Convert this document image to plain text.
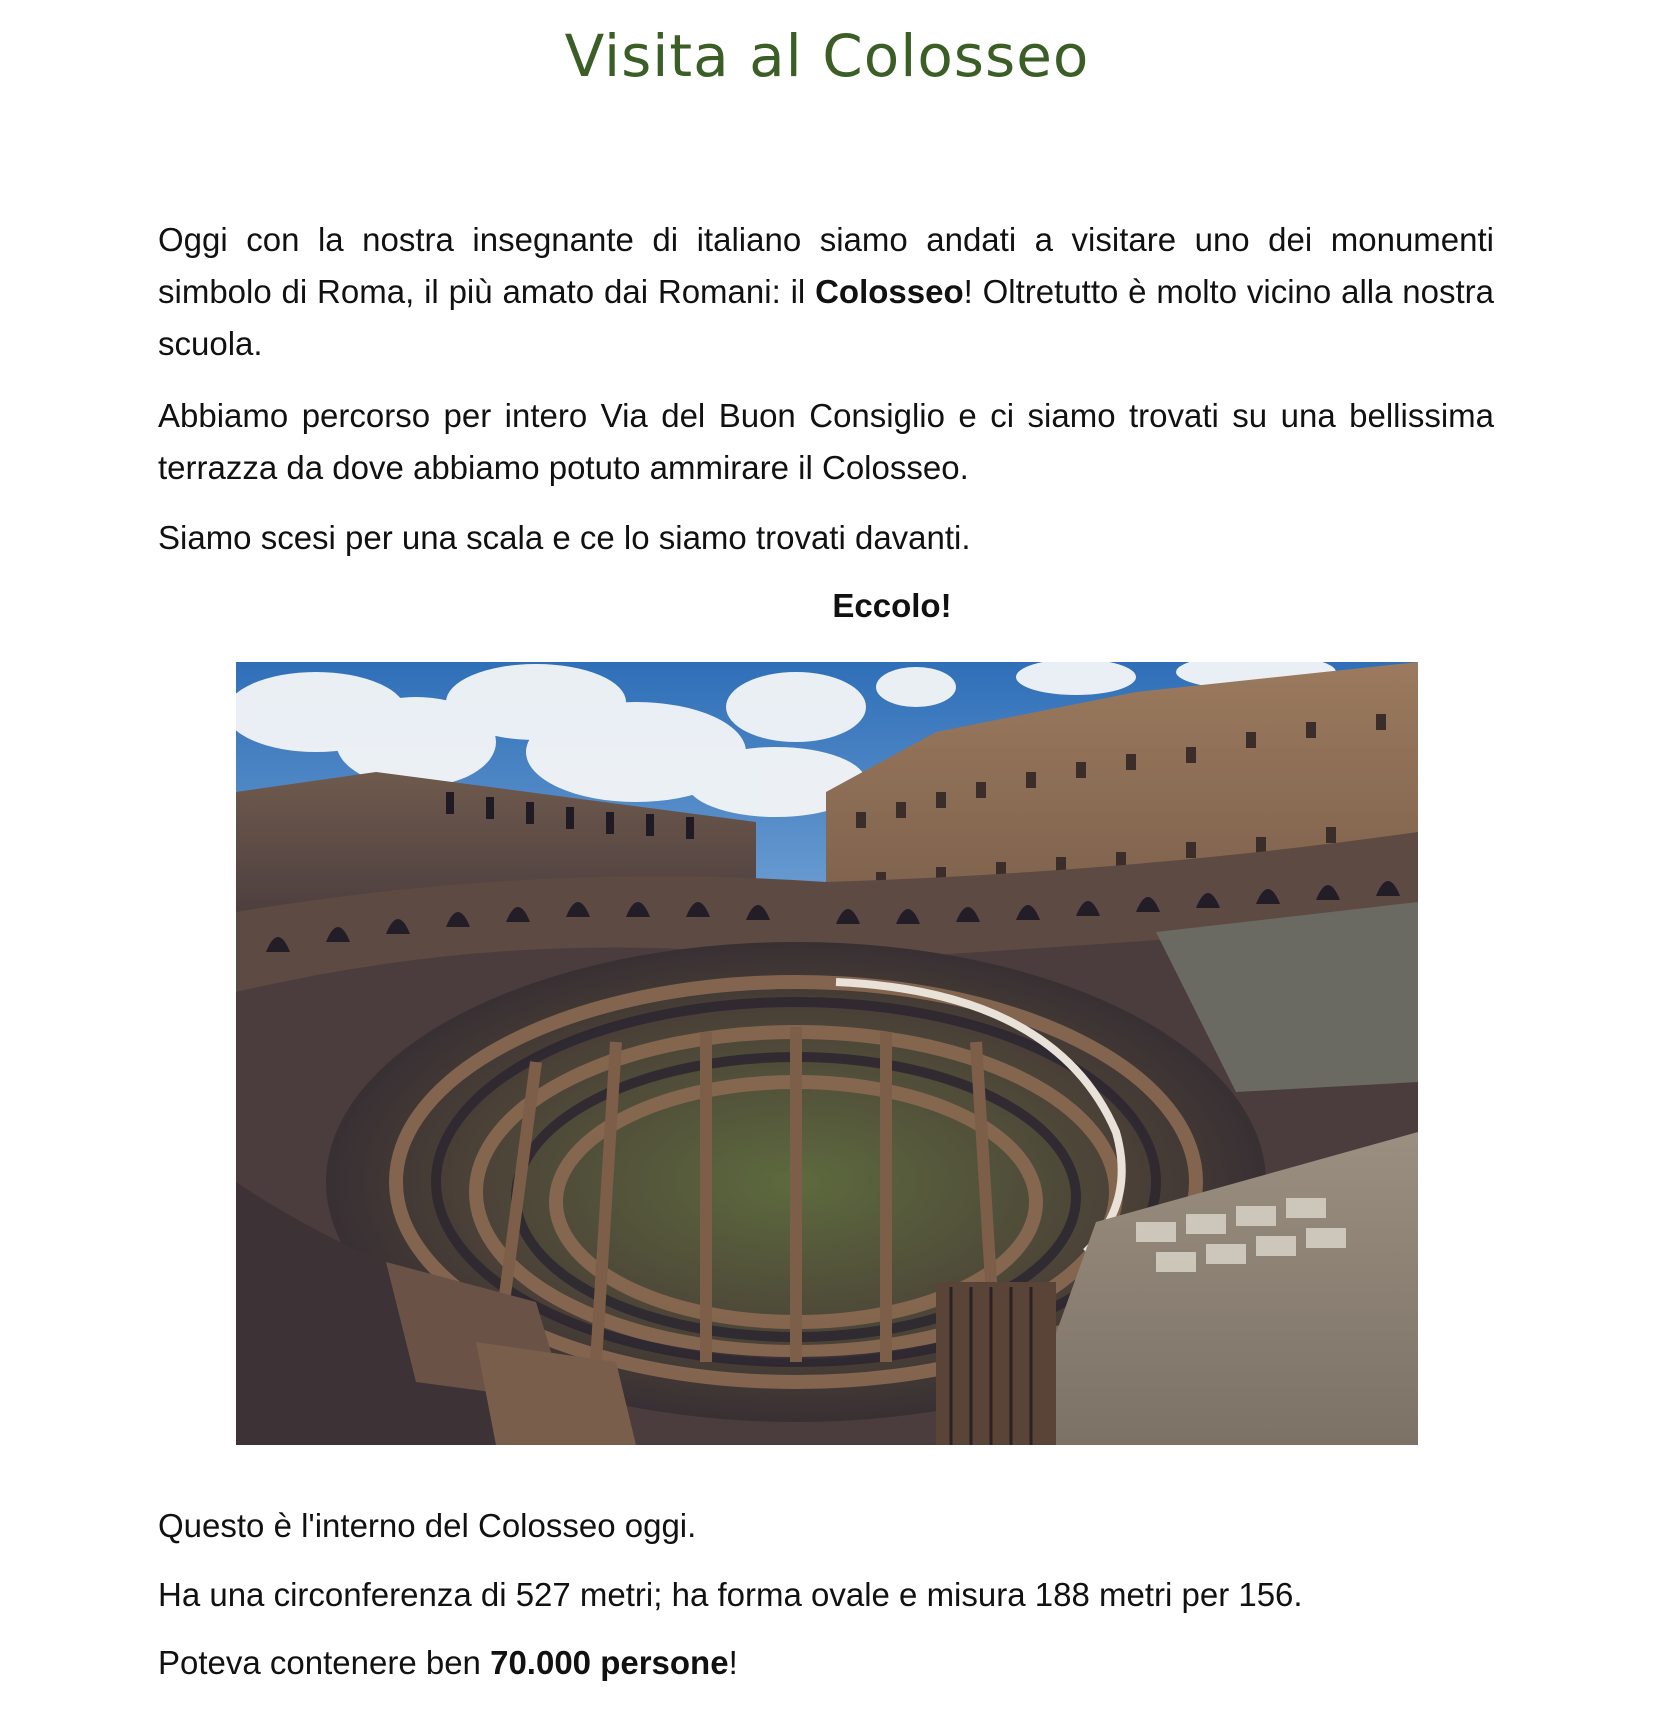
Visita al Colosseo

Oggi con la nostra insegnante di italiano siamo andati a visitare uno dei monumenti simbolo di Roma, il più amato dai Romani: il Colosseo! Oltretutto è molto vicino alla nostra scuola.

Abbiamo percorso per intero Via del Buon Consiglio e ci siamo trovati su una bellissima terrazza da dove abbiamo potuto ammirare il Colosseo.

Siamo scesi per una scala e ce lo siamo trovati davanti.

Eccolo!

Questo è l'interno del Colosseo oggi.

Ha una circonferenza di 527 metri; ha forma ovale e misura 188 metri per 156.

Poteva contenere ben 70.000 persone!
